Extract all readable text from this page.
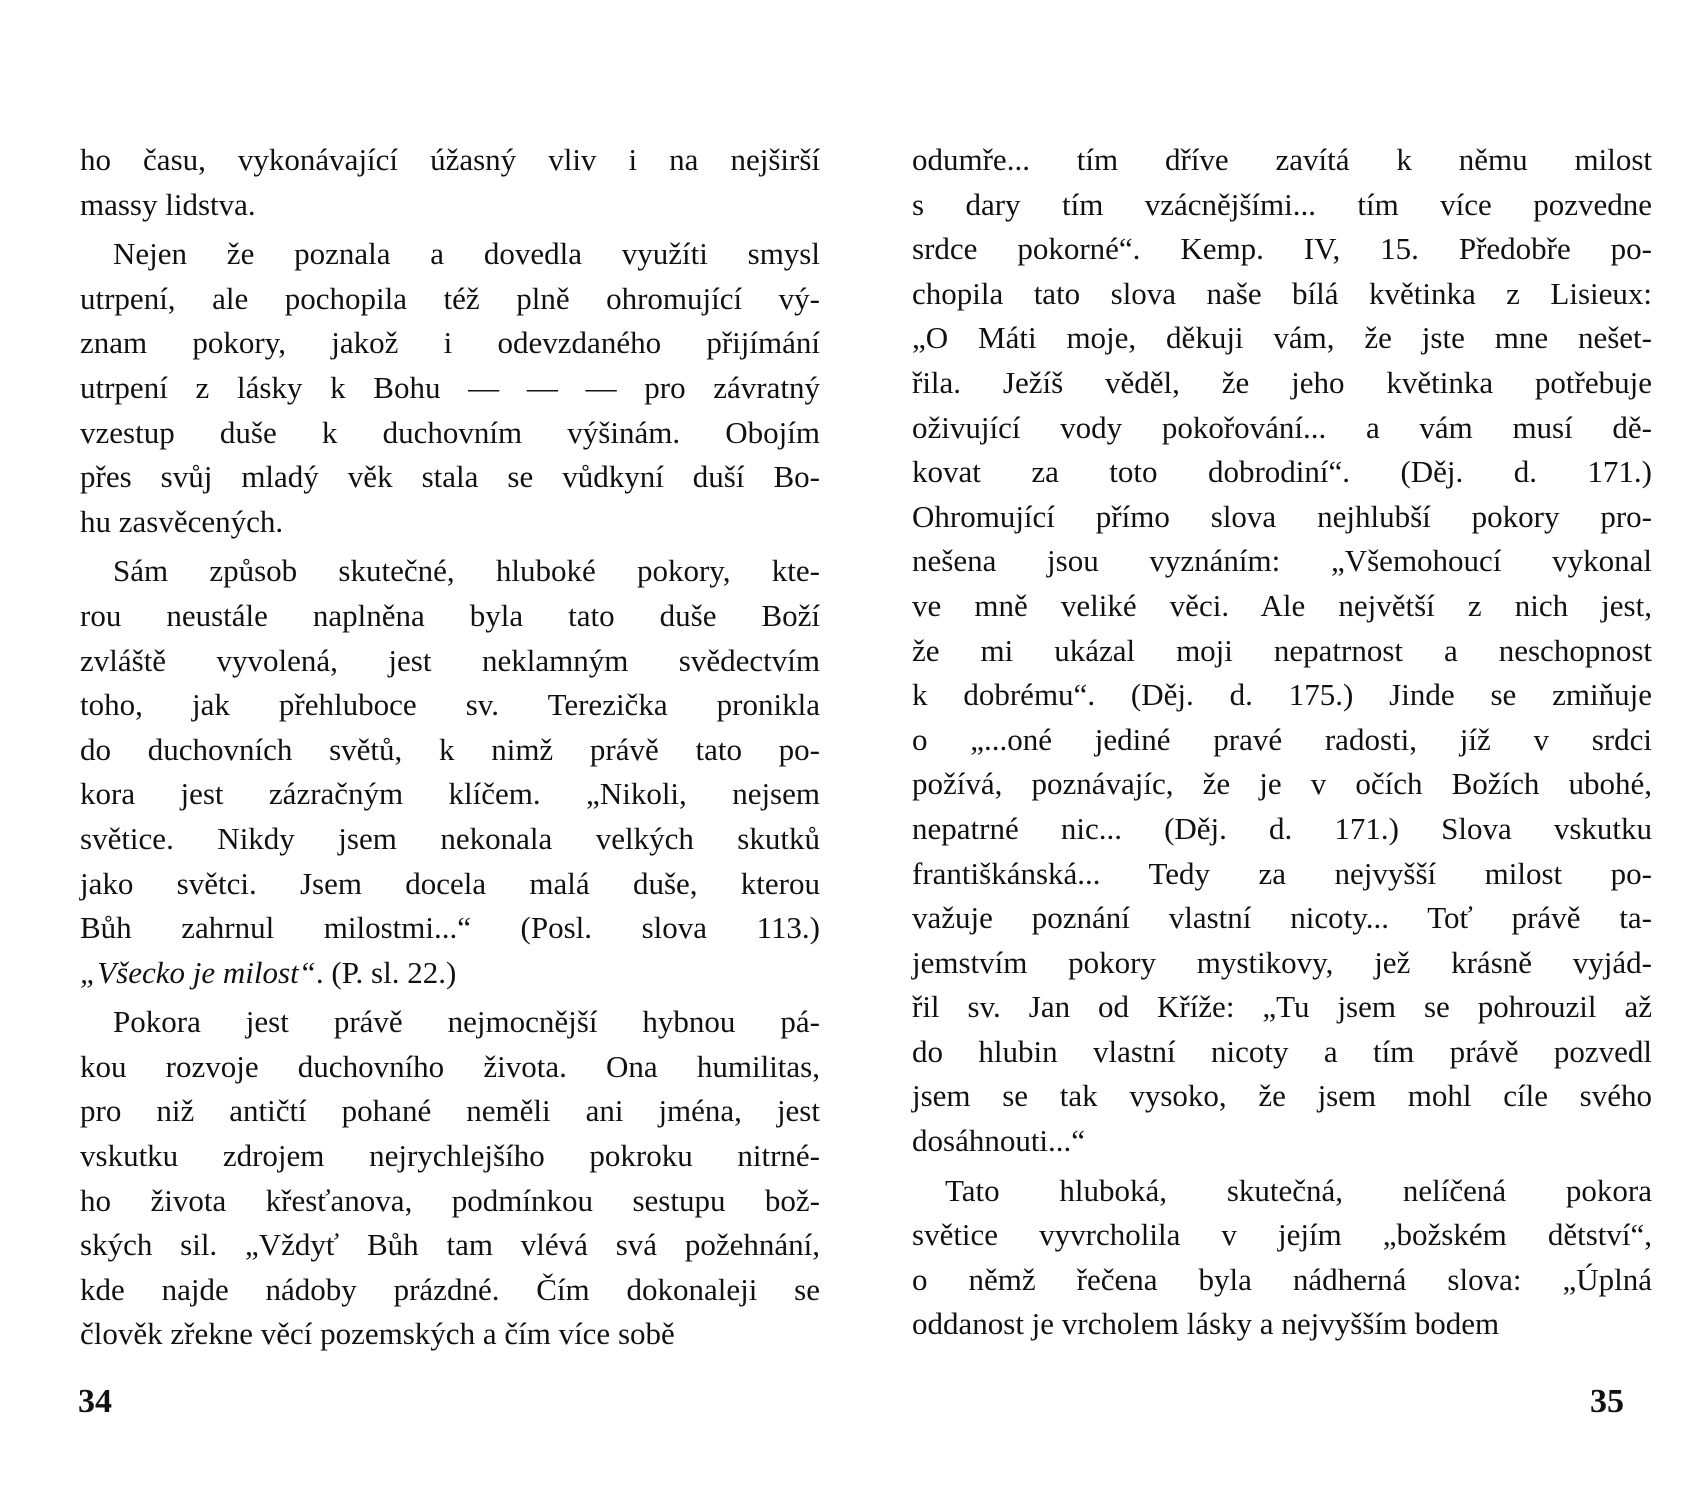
ho času, vykonávající úžasný vliv i na nejširší
massy lidstva.
Nejen že poznala a dovedla využíti smysl
utrpení, ale pochopila též plně ohromující vý-
znam pokory, jakož i odevzdaného přijímání
utrpení z lásky k Bohu — — — pro závratný
vzestup duše k duchovním výšinám. Obojím
přes svůj mladý věk stala se vůdkyní duší Bo-
hu zasvěcených.
Sám způsob skutečné, hluboké pokory, kte-
rou neustále naplněna byla tato duše Boží
zvláště vyvolená, jest neklamným svědectvím
toho, jak přehluboce sv. Terezička pronikla
do duchovních světů, k nimž právě tato po-
kora jest zázračným klíčem. „Nikoli, nejsem
světice. Nikdy jsem nekonala velkých skutků
jako světci. Jsem docela malá duše, kterou
Bůh zahrnul milostmi...“ (Posl. slova 113.)
„Všecko je milost“. (P. sl. 22.)
Pokora jest právě nejmocnější hybnou pá-
kou rozvoje duchovního života. Ona humilitas,
pro niž antičtí pohané neměli ani jména, jest
vskutku zdrojem nejrychlejšího pokroku nitrné-
ho života křesťanova, podmínkou sestupu bož-
ských sil. „Vždyť Bůh tam vlévá svá požehnání,
kde najde nádoby prázdné. Čím dokonaleji se
člověk zřekne věcí pozemských a čím více sobě
odumře... tím dříve zavítá k němu milost
s dary tím vzácnějšími... tím více pozvedne
srdce pokorné“. Kemp. IV, 15. Předobře po-
chopila tato slova naše bílá květinka z Lisieux:
„O Máti moje, děkuji vám, že jste mne nešet-
řila. Ježíš věděl, že jeho květinka potřebuje
oživující vody pokořování... a vám musí dě-
kovat za toto dobrodiní“. (Děj. d. 171.)
Ohromující přímo slova nejhlubší pokory pro-
nešena jsou vyznáním: „Všemohoucí vykonal
ve mně veliké věci. Ale největší z nich jest,
že mi ukázal moji nepatrnost a neschopnost
k dobrému“. (Děj. d. 175.) Jinde se zmiňuje
o „...oné jediné pravé radosti, jíž v srdci
požívá, poznávajíc, že je v očích Božích ubohé,
nepatrné nic... (Děj. d. 171.) Slova vskutku
františkánská... Tedy za nejvyšší milost po-
važuje poznání vlastní nicoty... Toť právě ta-
jemstvím pokory mystikovy, jež krásně vyjád-
řil sv. Jan od Kříže: „Tu jsem se pohrouzil až
do hlubin vlastní nicoty a tím právě pozvedl
jsem se tak vysoko, že jsem mohl cíle svého
dosáhnouti...“
Tato hluboká, skutečná, nelíčená pokora
světice vyvrcholila v jejím „božském dětství“,
o němž řečena byla nádherná slova: „Úplná
oddanost je vrcholem lásky a nejvyšším bodem
34	35
